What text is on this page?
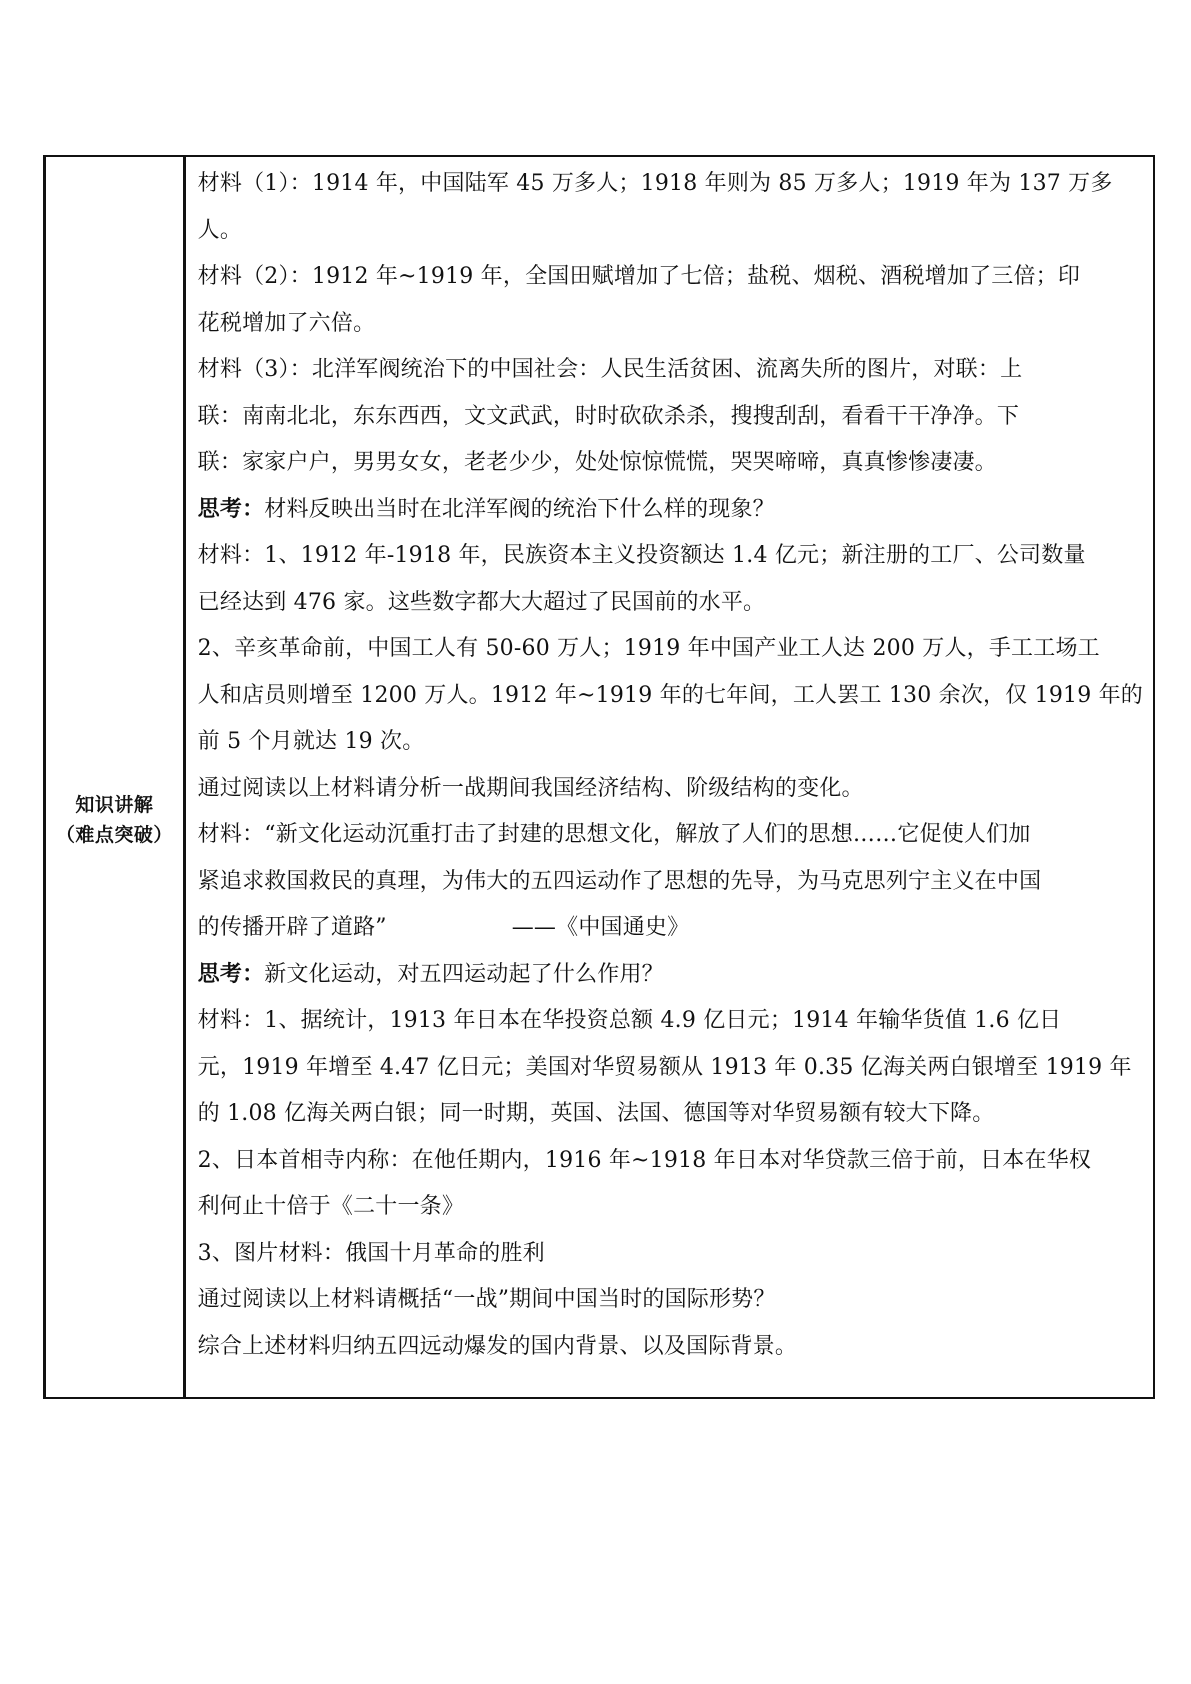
知识讲解
（难点突破）
材料（1）：1914 年，中国陆军 45 万多人；1918 年则为 85 万多人；1919 年为 137 万多
人。
材料（2）：1912 年~1919 年，全国田赋增加了七倍；盐税、烟税、酒税增加了三倍；印
花税增加了六倍。
材料（3）：北洋军阀统治下的中国社会：人民生活贫困、流离失所的图片，对联：上
联：南南北北，东东西西，文文武武，时时砍砍杀杀，搜搜刮刮，看看干干净净。下
联：家家户户，男男女女，老老少少，处处惊惊慌慌，哭哭啼啼，真真惨惨凄凄。
思考：材料反映出当时在北洋军阀的统治下什么样的现象？
材料：1、1912 年-1918 年，民族资本主义投资额达 1.4 亿元；新注册的工厂、公司数量
已经达到 476 家。这些数字都大大超过了民国前的水平。
2、辛亥革命前，中国工人有 50-60 万人；1919 年中国产业工人达 200 万人，手工工场工
人和店员则增至 1200 万人。1912 年~1919 年的七年间，工人罢工 130 余次，仅 1919 年的
前 5 个月就达 19 次。
通过阅读以上材料请分析一战期间我国经济结构、阶级结构的变化。
材料：“新文化运动沉重打击了封建的思想文化，解放了人们的思想……它促使人们加
紧追求救国救民的真理，为伟大的五四运动作了思想的先导，为马克思列宁主义在中国
的传播开辟了道路”	——《中国通史》
思考：新文化运动，对五四运动起了什么作用？
材料：1、据统计，1913 年日本在华投资总额 4.9 亿日元；1914 年输华货值 1.6 亿日
元，1919 年增至 4.47 亿日元；美国对华贸易额从 1913 年 0.35 亿海关两白银增至 1919 年
的 1.08 亿海关两白银；同一时期，英国、法国、德国等对华贸易额有较大下降。
2、日本首相寺内称：在他任期内，1916 年~1918 年日本对华贷款三倍于前，日本在华权
利何止十倍于《二十一条》
3、图片材料：俄国十月革命的胜利
通过阅读以上材料请概括“一战”期间中国当时的国际形势？
综合上述材料归纳五四远动爆发的国内背景、以及国际背景。
